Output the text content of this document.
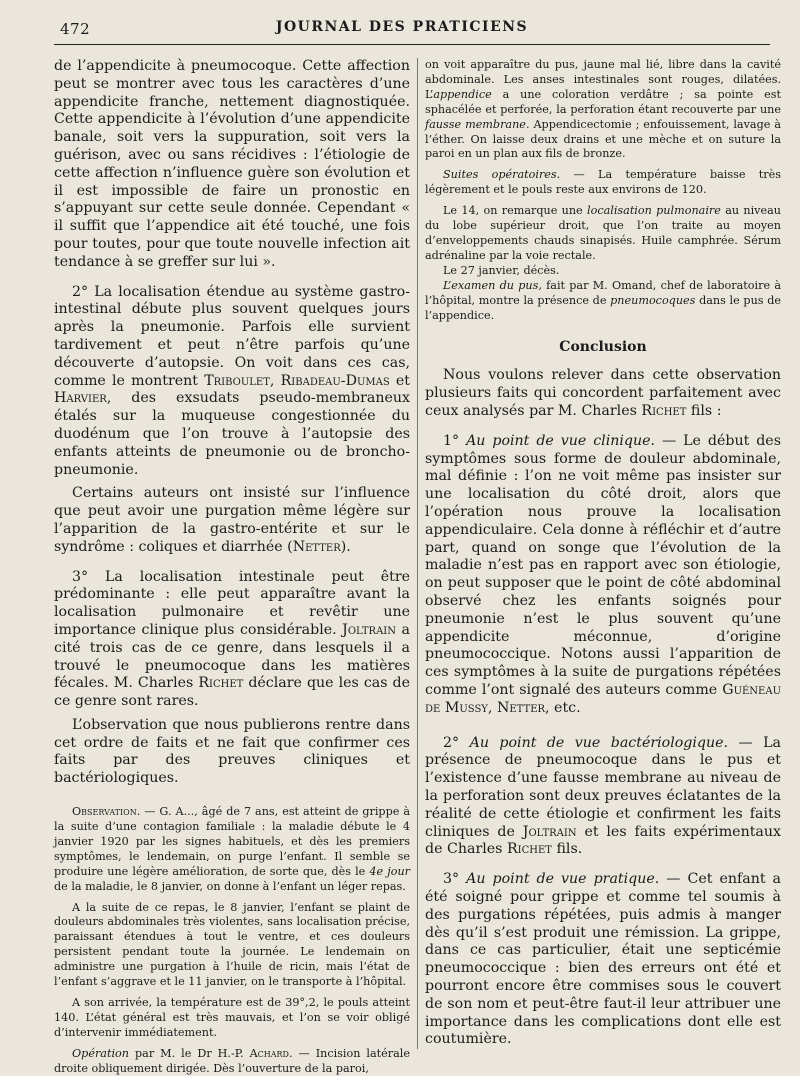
472	JOURNAL DES PRATICIENS

de l’appendicite à pneumocoque. Cette affection peut se montrer avec tous les caractères d’une appendicite franche, nettement diagnostiquée. Cette appendicite à l’évolution d’une appendicite banale, soit vers la suppuration, soit vers la guérison, avec ou sans récidives : l’étiologie de cette affection n’influence guère son évolution et il est impossible de faire un pronostic en s’appuyant sur cette seule donnée. Cependant « il suffit que l’appendice ait été touché, une fois pour toutes, pour que toute nouvelle infection ait tendance à se greffer sur lui ».

2° La localisation étendue au système gastro-intestinal débute plus souvent quelques jours après la pneumonie. Parfois elle survient tardivement et peut n’être parfois qu’une découverte d’autopsie. On voit dans ces cas, comme le montrent Triboulet, Ribadeau-Dumas et Harvier, des exsudats pseudo-membraneux étalés sur la muqueuse congestionnée du duodénum que l’on trouve à l’autopsie des enfants atteints de pneumonie ou de broncho-pneumonie.

Certains auteurs ont insisté sur l’influence que peut avoir une purgation même légère sur l’apparition de la gastro-entérite et sur le syndrôme : coliques et diarrhée (Netter).

3° La localisation intestinale peut être prédominante : elle peut apparaître avant la localisation pulmonaire et revêtir une importance clinique plus considérable. Joltrain a cité trois cas de ce genre, dans lesquels il a trouvé le pneumocoque dans les matières fécales. M. Charles Richet déclare que les cas de ce genre sont rares.

L’observation que nous publierons rentre dans cet ordre de faits et ne fait que confirmer ces faits par des preuves cliniques et bactériologiques.

Observation. — G. A..., âgé de 7 ans, est atteint de grippe à la suite d’une contagion familiale : la maladie débute le 4 janvier 1920 par les signes habituels, et dès les premiers symptômes, le lendemain, on purge l’enfant. Il semble se produire une légère amélioration, de sorte que, dès le 4e jour de la maladie, le 8 janvier, on donne à l’enfant un léger repas.

A la suite de ce repas, le 8 janvier, l’enfant se plaint de douleurs abdominales très violentes, sans localisation précise, paraissant étendues à tout le ventre, et ces douleurs persistent pendant toute la journée. Le lendemain on administre une purgation à l’huile de ricin, mais l’état de l’enfant s’aggrave et le 11 janvier, on le transporte à l’hôpital.

A son arrivée, la température est de 39°,2, le pouls atteint 140. L’état général est très mauvais, et l’on se voir obligé d’intervenir immédiatement.

Opération par M. le Dr H.-P. Achard. — Incision latérale droite obliquement dirigée. Dès l’ouverture de la paroi,

on voit apparaître du pus, jaune mal lié, libre dans la cavité abdominale. Les anses intestinales sont rouges, dilatées. L’appendice a une coloration verdâtre ; sa pointe est sphacélée et perforée, la perforation étant recouverte par une fausse membrane. Appendicectomie ; enfouissement, lavage à l’éther. On laisse deux drains et une mèche et on suture la paroi en un plan aux fils de bronze.

Suites opératoires. — La température baisse très légèrement et le pouls reste aux environs de 120.

Le 14, on remarque une localisation pulmonaire au niveau du lobe supérieur droit, que l’on traite au moyen d’enveloppements chauds sinapisés. Huile camphrée. Sérum adrénaline par la voie rectale.

Le 27 janvier, décès.

L’examen du pus, fait par M. Omand, chef de laboratoire à l’hôpital, montre la présence de pneumocoques dans le pus de l’appendice.

Conclusion

Nous voulons relever dans cette observation plusieurs faits qui concordent parfaitement avec ceux analysés par M. Charles Richet fils :

1° Au point de vue clinique. — Le début des symptômes sous forme de douleur abdominale, mal définie : l’on ne voit même pas insister sur une localisation du côté droit, alors que l’opération nous prouve la localisation appendiculaire. Cela donne à réfléchir et d’autre part, quand on songe que l’évolution de la maladie n’est pas en rapport avec son étiologie, on peut supposer que le point de côté abdominal observé chez les enfants soignés pour pneumonie n’est le plus souvent qu’une appendicite méconnue, d’origine pneumococcique. Notons aussi l’apparition de ces symptômes à la suite de purgations répétées comme l’ont signalé des auteurs comme Guéneau de Mussy, Netter, etc.

2° Au point de vue bactériologique. — La présence de pneumocoque dans le pus et l’existence d’une fausse membrane au niveau de la perforation sont deux preuves éclatantes de la réalité de cette étiologie et confirment les faits cliniques de Joltrain et les faits expérimentaux de Charles Richet fils.

3° Au point de vue pratique. — Cet enfant a été soigné pour grippe et comme tel soumis à des purgations répétées, puis admis à manger dès qu’il s’est produit une rémission. La grippe, dans ce cas particulier, était une septicémie pneumococcique : bien des erreurs ont été et pourront encore être commises sous le couvert de son nom et peut-être faut-il leur attribuer une importance dans les complications dont elle est coutumière.
